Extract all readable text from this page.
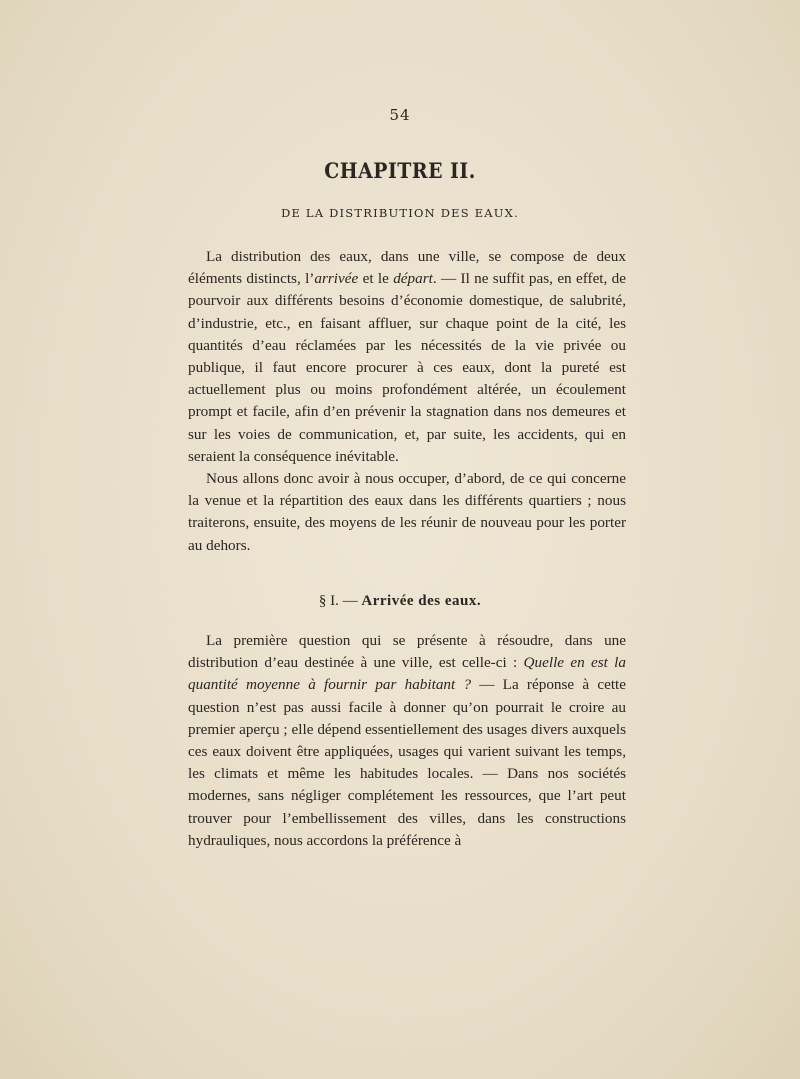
54
CHAPITRE II.
DE LA DISTRIBUTION DES EAUX.

La distribution des eaux, dans une ville, se compose de deux éléments distincts, l’arrivée et le départ. — Il ne suffit pas, en effet, de pourvoir aux différents besoins d’économie domestique, de salubrité, d’industrie, etc., en faisant affluer, sur chaque point de la cité, les quantités d’eau réclamées par les nécessités de la vie privée ou publique, il faut encore procurer à ces eaux, dont la pureté est actuellement plus ou moins profondément altérée, un écoulement prompt et facile, afin d’en prévenir la stagnation dans nos demeures et sur les voies de communication, et, par suite, les accidents, qui en seraient la conséquence inévitable.

Nous allons donc avoir à nous occuper, d’abord, de ce qui concerne la venue et la répartition des eaux dans les différents quartiers ; nous traiterons, ensuite, des moyens de les réunir de nouveau pour les porter au dehors.

§ I. — Arrivée des eaux.

La première question qui se présente à résoudre, dans une distribution d’eau destinée à une ville, est celle-ci : Quelle en est la quantité moyenne à fournir par habitant ? — La réponse à cette question n’est pas aussi facile à donner qu’on pourrait le croire au premier aperçu ; elle dépend essentiellement des usages divers auxquels ces eaux doivent être appliquées, usages qui varient suivant les temps, les climats et même les habitudes locales. — Dans nos sociétés modernes, sans négliger complétement les ressources, que l’art peut trouver pour l’embellissement des villes, dans les constructions hydrauliques, nous accordons la préférence à
